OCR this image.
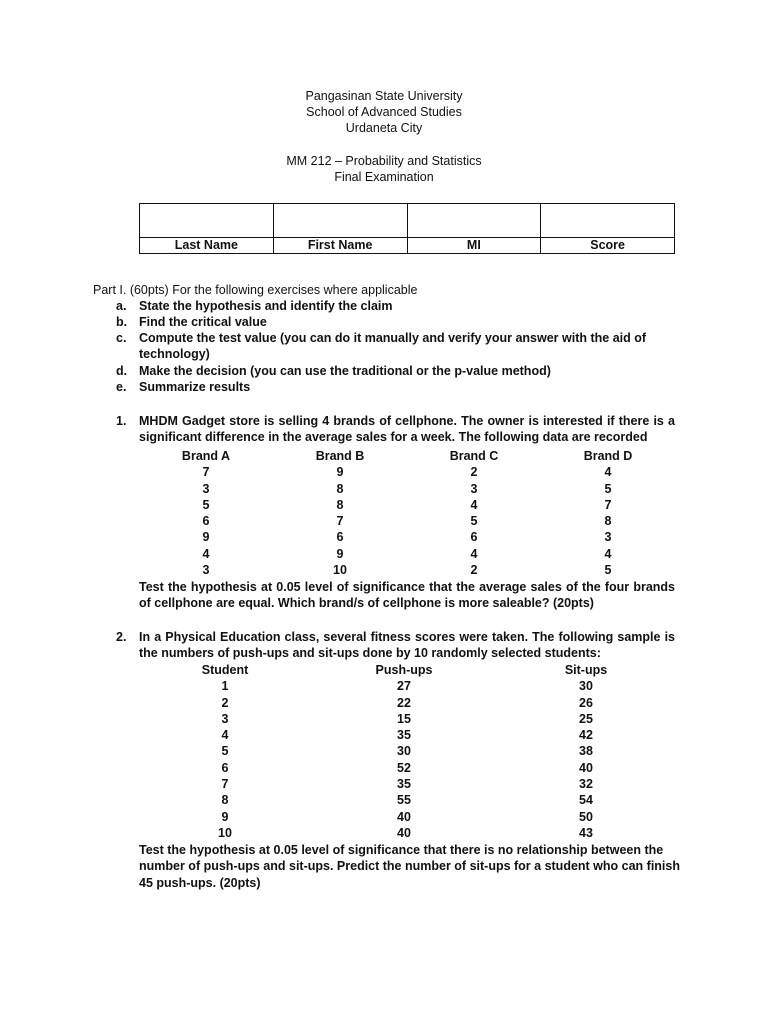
Pangasinan State University
School of Advanced Studies
Urdaneta City
MM 212 – Probability and Statistics
Final Examination

Last Name	First Name	MI	Score
Part I. (60pts) For the following exercises where applicable
a. State the hypothesis and identify the claim
b. Find the critical value
c. Compute the test value (you can do it manually and verify your answer with the aid of
technology)
d. Make the decision (you can use the traditional or the p-value method)
e. Summarize results
1. MHDM Gadget store is selling 4 brands of cellphone. The owner is interested if there is a significant difference in the average sales for a week. The following data are recorded
Brand A	Brand B	Brand C	Brand D
7	9	2	4
3	8	3	5
5	8	4	7
6	7	5	8
9	6	6	3
4	9	4	4
3	10	2	5
Test the hypothesis at 0.05 level of significance that the average sales of the four brands of cellphone are equal. Which brand/s of cellphone is more saleable? (20pts)
2. In a Physical Education class, several fitness scores were taken. The following sample is the numbers of push-ups and sit-ups done by 10 randomly selected students:
Student	Push-ups	Sit-ups
1	27	30
2	22	26
3	15	25
4	35	42
5	30	38
6	52	40
7	35	32
8	55	54
9	40	50
10	40	43
Test the hypothesis at 0.05 level of significance that there is no relationship between the
number of push-ups and sit-ups. Predict the number of sit-ups for a student who can finish
45 push-ups. (20pts)
